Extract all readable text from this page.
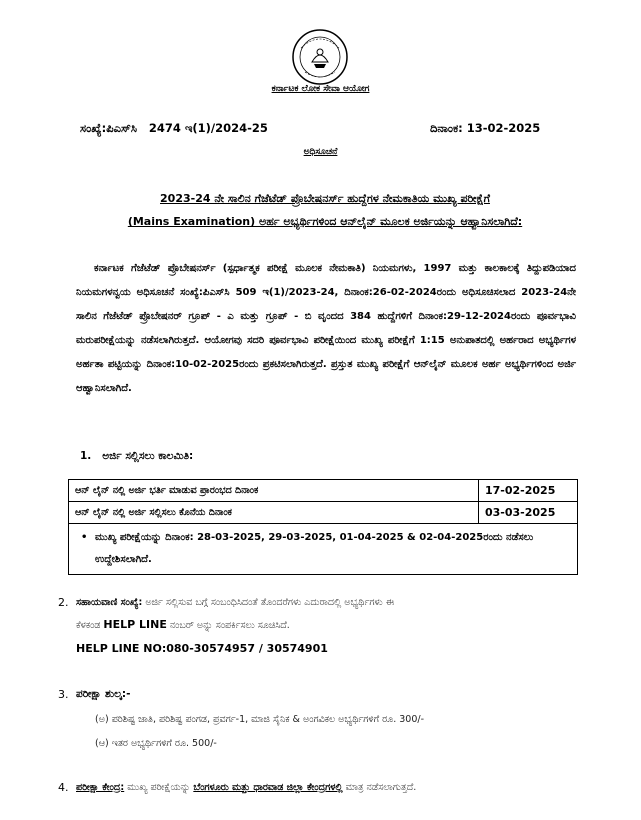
ಕರ್ನಾಟಕ ಲೋಕ ಸೇವಾ ಆಯೋಗ
ಸಂಖ್ಯೆ:ಪಿಎಸ್‌ಸಿ   2474 ಇ(1)/2024-25	ದಿನಾಂಕ: 13-02-2025
ಅಧಿಸೂಚನೆ
2023-24 ನೇ ಸಾಲಿನ ಗೆಜೆಟೆಡ್ ಪ್ರೊಬೇಷನರ್ಸ್ ಹುದ್ದೆಗಳ ನೇಮಕಾತಿಯ ಮುಖ್ಯ ಪರೀಕ್ಷೆಗೆ
(Mains Examination) ಅರ್ಹ ಅಭ್ಯರ್ಥಿಗಳಿಂದ ಆನ್‌ಲೈನ್ ಮೂಲಕ ಅರ್ಜಿಯನ್ನು ಆಹ್ವಾನಿಸಲಾಗಿದೆ:
ಕರ್ನಾಟಕ ಗೆಜೆಟೆಡ್ ಪ್ರೊಬೇಷನರ್ಸ್ (ಸ್ಪರ್ಧಾತ್ಮಕ ಪರೀಕ್ಷೆ ಮೂಲಕ ನೇಮಕಾತಿ) ನಿಯಮಗಳು, 1997 ಮತ್ತು ಕಾಲಕಾಲಕ್ಕೆ ತಿದ್ದುಪಡಿಯಾದ ನಿಯಮಗಳನ್ವಯ ಅಧಿಸೂಚನೆ ಸಂಖ್ಯೆ:ಪಿಎಸ್‌ಸಿ 509 ಇ(1)/2023-24, ದಿನಾಂಕ:26-02-2024ರಂದು ಅಧಿಸೂಚಿಸಲಾದ 2023-24ನೇ ಸಾಲಿನ ಗೆಜೆಟೆಡ್ ಪ್ರೊಬೇಷನರ್ ಗ್ರೂಪ್ - ಎ ಮತ್ತು ಗ್ರೂಪ್ - ಬಿ ವೃಂದದ 384 ಹುದ್ದೆಗಳಿಗೆ ದಿನಾಂಕ:29-12-2024ರಂದು ಪೂರ್ವಭಾವಿ ಮರುಪರೀಕ್ಷೆಯನ್ನು ನಡೆಸಲಾಗಿರುತ್ತದೆ. ಆಯೋಗವು ಸದರಿ ಪೂರ್ವಭಾವಿ ಪರೀಕ್ಷೆಯಿಂದ ಮುಖ್ಯ ಪರೀಕ್ಷೆಗೆ 1:15 ಅನುಪಾತದಲ್ಲಿ ಅರ್ಹರಾದ ಅಭ್ಯರ್ಥಿಗಳ ಅರ್ಹತಾ ಪಟ್ಟಿಯನ್ನು ದಿನಾಂಕ:10-02-2025ರಂದು ಪ್ರಕಟಿಸಲಾಗಿರುತ್ತದೆ. ಪ್ರಸ್ತುತ ಮುಖ್ಯ ಪರೀಕ್ಷೆಗೆ ಆನ್‌ಲೈನ್ ಮೂಲಕ ಅರ್ಹ ಅಭ್ಯರ್ಥಿಗಳಿಂದ ಅರ್ಜಿ ಆಹ್ವಾನಿಸಲಾಗಿದೆ.
1. ಅರ್ಜಿ ಸಲ್ಲಿಸಲು ಕಾಲಮಿತಿ:
ಆನ್ ಲೈನ್ ನಲ್ಲಿ ಅರ್ಜಿ ಭರ್ತಿ ಮಾಡುವ ಪ್ರಾರಂಭದ ದಿನಾಂಕ	17-02-2025
ಆನ್ ಲೈನ್ ನಲ್ಲಿ ಅರ್ಜಿ ಸಲ್ಲಿಸಲು ಕೊನೆಯ ದಿನಾಂಕ	03-03-2025

• ಮುಖ್ಯ ಪರೀಕ್ಷೆಯನ್ನು ದಿನಾಂಕ: 28-03-2025, 29-03-2025, 01-04-2025 & 02-04-2025ರಂದು ನಡೆಸಲು ಉದ್ದೇಶಿಸಲಾಗಿದೆ.	
2. ಸಹಾಯವಾಣಿ ಸಂಖ್ಯೆ: ಅರ್ಜಿ ಸಲ್ಲಿಸುವ ಬಗ್ಗೆ ಸಂಬಂಧಿಸಿದಂತೆ ತೊಂದರೆಗಳು ಎದುರಾದಲ್ಲಿ ಅಭ್ಯರ್ಥಿಗಳು ಈ
ಕೆಳಕಂಡ HELP LINE ನಂಬರ್ ಅನ್ನು ಸಂಪರ್ಕಿಸಲು ಸೂಚಿಸಿದೆ.
HELP LINE NO:080-30574957 / 30574901
3. ಪರೀಕ್ಷಾ ಶುಲ್ಕ:-
(ಅ) ಪರಿಶಿಷ್ಟ ಜಾತಿ, ಪರಿಶಿಷ್ಟ ಪಂಗಡ, ಪ್ರವರ್ಗ-1, ಮಾಜಿ ಸೈನಿಕ & ಅಂಗವಿಕಲ ಅಭ್ಯರ್ಥಿಗಳಿಗೆ ರೂ. 300/-
(ಆ) ಇತರ ಅಭ್ಯರ್ಥಿಗಳಿಗೆ ರೂ. 500/-
4. ಪರೀಕ್ಷಾ ಕೇಂದ್ರ: ಮುಖ್ಯ ಪರೀಕ್ಷೆಯನ್ನು ಬೆಂಗಳೂರು ಮತ್ತು ಧಾರವಾಡ ಜಿಲ್ಲಾ ಕೇಂದ್ರಗಳಲ್ಲಿ ಮಾತ್ರ ನಡೆಸಲಾಗುತ್ತದೆ.
